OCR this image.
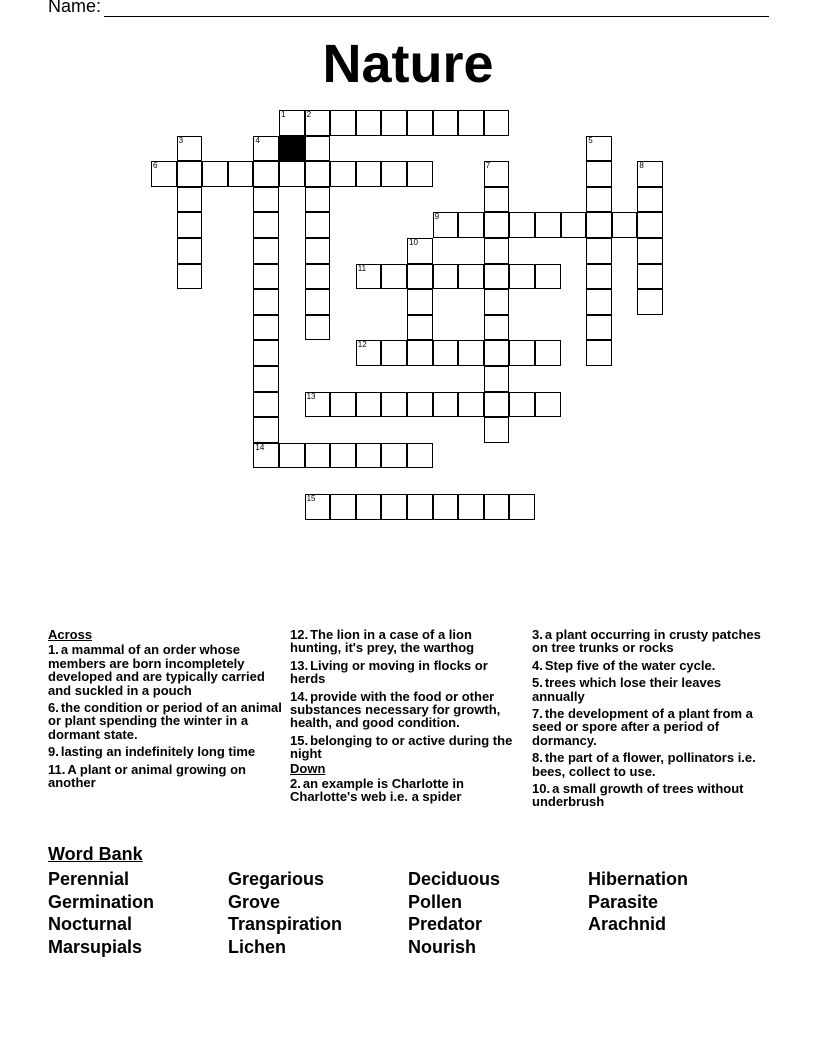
Name:
Nature
1	2
3	4
14
5
6	7	8
9
10
11
12
13
15
Across
1. a mammal of an order whose members are born incompletely developed and are typically carried and suckled in a pouch
6. the condition or period of an animal or plant spending the winter in a dormant state.
9. lasting an indefinitely long time
11. A plant or animal growing on another
12. The lion in a case of a lion hunting, it's prey, the warthog
13. Living or moving in flocks or herds
14. provide with the food or other substances necessary for growth, health, and good condition.
15. belonging to or active during the night
Down
2. an example is Charlotte in Charlotte's web i.e. a spider
3. a plant occurring in crusty patches on tree trunks or rocks
4. Step five of the water cycle.
5. trees which lose their leaves annually
7. the development of a plant from a seed or spore after a period of dormancy.
8. the part of a flower, pollinators i.e. bees, collect to use.
10. a small growth of trees without underbrush
Word Bank
Perennial	Gregarious	Deciduous	Hibernation
Germination	Grove	Pollen	Parasite
Nocturnal	Transpiration	Predator	Arachnid
Marsupials	Lichen	Nourish
